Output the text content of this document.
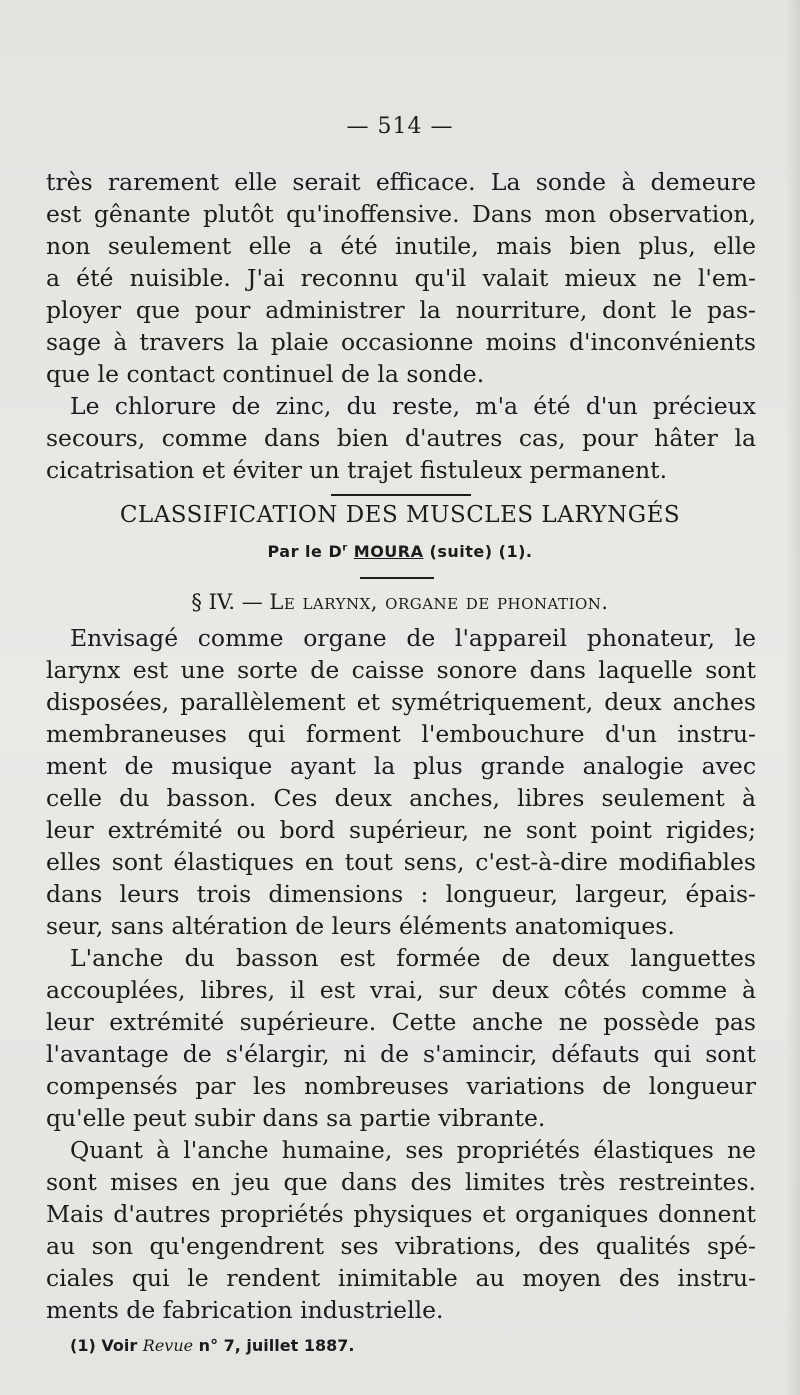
— 514 —
très rarement elle serait efficace. La sonde à demeure
est gênante plutôt qu'inoffensive. Dans mon observation,
non seulement elle a été inutile, mais bien plus, elle
a été nuisible. J'ai reconnu qu'il valait mieux ne l'em-
ployer que pour administrer la nourriture, dont le pas-
sage à travers la plaie occasionne moins d'inconvénients
que le contact continuel de la sonde.
Le chlorure de zinc, du reste, m'a été d'un précieux
secours, comme dans bien d'autres cas, pour hâter la
cicatrisation et éviter un trajet fistuleux permanent.
CLASSIFICATION DES MUSCLES LARYNGÉS
Par le $D^r$ MOURA (suite) (1).
§ IV. — Le larynx, organe de phonation.
Envisagé comme organe de l'appareil phonateur, le
larynx est une sorte de caisse sonore dans laquelle sont
disposées, parallèlement et symétriquement, deux anches
membraneuses qui forment l'embouchure d'un instru-
ment de musique ayant la plus grande analogie avec
celle du basson. Ces deux anches, libres seulement à
leur extrémité ou bord supérieur, ne sont point rigides;
elles sont élastiques en tout sens, c'est-à-dire modifiables
dans leurs trois dimensions : longueur, largeur, épais-
seur, sans altération de leurs éléments anatomiques.
L'anche du basson est formée de deux languettes
accouplées, libres, il est vrai, sur deux côtés comme à
leur extrémité supérieure. Cette anche ne possède pas
l'avantage de s'élargir, ni de s'amincir, défauts qui sont
compensés par les nombreuses variations de longueur
qu'elle peut subir dans sa partie vibrante.
Quant à l'anche humaine, ses propriétés élastiques ne
sont mises en jeu que dans des limites très restreintes.
Mais d'autres propriétés physiques et organiques donnent
au son qu'engendrent ses vibrations, des qualités spé-
ciales qui le rendent inimitable au moyen des instru-
ments de fabrication industrielle.
(1) Voir Revue n° 7, juillet 1887.
